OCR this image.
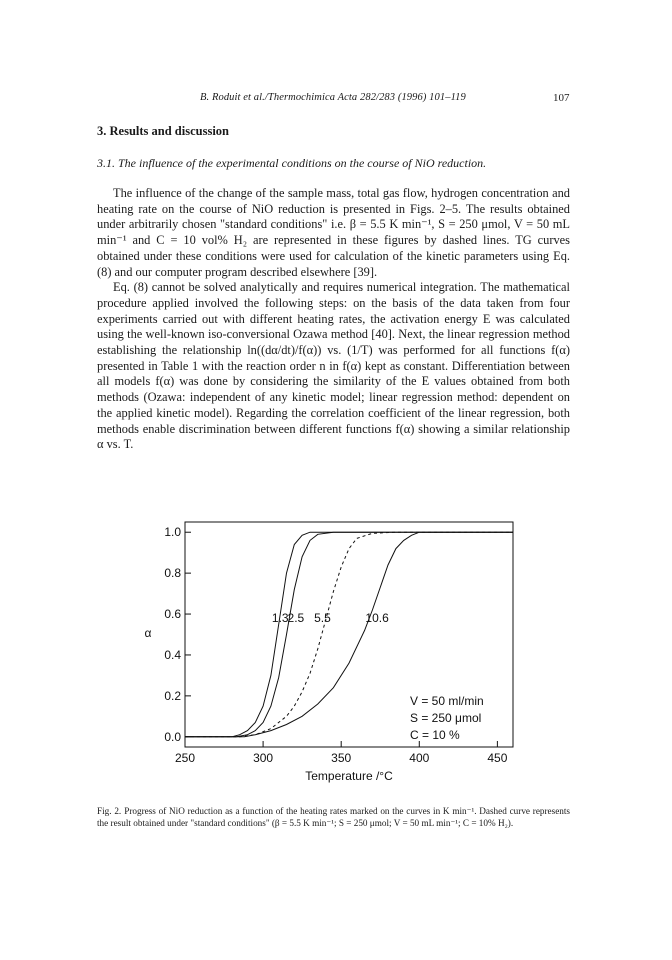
B. Roduit et al./Thermochimica Acta 282/283 (1996) 101–119	107
3. Results and discussion
3.1. The influence of the experimental conditions on the course of NiO reduction.

The influence of the change of the sample mass, total gas flow, hydrogen concentration and heating rate on the course of NiO reduction is presented in Figs. 2–5. The results obtained under arbitrarily chosen "standard conditions" i.e. β = 5.5 K min⁻¹, S = 250 μmol, V = 50 mL min⁻¹ and C = 10 vol% H₂ are represented in these figures by dashed lines. TG curves obtained under these conditions were used for calculation of the kinetic parameters using Eq. (8) and our computer program described elsewhere [39].

Eq. (8) cannot be solved analytically and requires numerical integration. The mathematical procedure applied involved the following steps: on the basis of the data taken from four experiments carried out with different heating rates, the activation energy E was calculated using the well-known iso-conversional Ozawa method [40]. Next, the linear regression method establishing the relationship ln((dα/dt)/f(α)) vs. (1/T) was performed for all functions f(α) presented in Table 1 with the reaction order n in f(α) kept as constant. Differentiation between all models f(α) was done by considering the similarity of the E values obtained from both methods (Ozawa: independent of any kinetic model; linear regression method: dependent on the applied kinetic model). Regarding the correlation coefficient of the linear regression, both methods enable discrimination between different functions f(α) showing a similar relationship α vs. T.

250	300	350	400	450
0.0
0.2
0.4
0.6
0.8
1.0
1.3
2.5 5.5	10.6
α
Temperature /°C
V = 50 ml/min
S = 250 μmol
C = 10 %
Fig. 2. Progress of NiO reduction as a function of the heating rates marked on the curves in K min⁻¹. Dashed curve represents the result obtained under "standard conditions" (β = 5.5 K min⁻¹; S = 250 μmol; V = 50 mL min⁻¹; C = 10% H₂).
